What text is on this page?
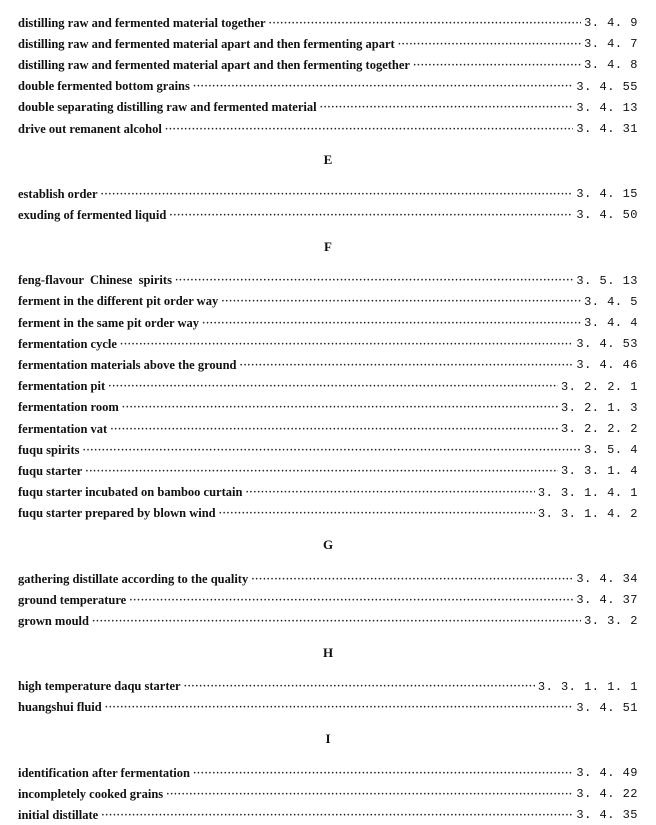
distilling raw and fermented material together ·····	3. 4. 9
distilling raw and fermented material apart and then fermenting apart ·····	3. 4. 7
distilling raw and fermented material apart and then fermenting together ·····	3. 4. 8
double fermented bottom grains ·····	3. 4. 55
double separating distilling raw and fermented material ·····	3. 4. 13
drive out remanent alcohol ·····	3. 4. 31
E
establish order ·····	3. 4. 15
exuding of fermented liquid ·····	3. 4. 50
F
feng-flavour  Chinese  spirits ·····	3. 5. 13
ferment in the different pit order way ·····	3. 4. 5
ferment in the same pit order way ·····	3. 4. 4
fermentation cycle ·····	3. 4. 53
fermentation materials above the ground ·····	3. 4. 46
fermentation pit ·····	3. 2. 2. 1
fermentation room ·····	3. 2. 1. 3
fermentation vat ·····	3. 2. 2. 2
fuqu spirits ·····	3. 5. 4
fuqu starter ·····	3. 3. 1. 4
fuqu starter incubated on bamboo curtain ·····	3. 3. 1. 4. 1
fuqu starter prepared by blown wind ·····	3. 3. 1. 4. 2
G
gathering distillate according to the quality ·····	3. 4. 34
ground temperature ·····	3. 4. 37
grown mould ·····	3. 3. 2
H
high temperature daqu starter ·····	3. 3. 1. 1. 1
huangshui fluid ·····	3. 4. 51
I
identification after fermentation ·····	3. 4. 49
incompletely cooked grains ·····	3. 4. 22
initial distillate ·····	3. 4. 35
